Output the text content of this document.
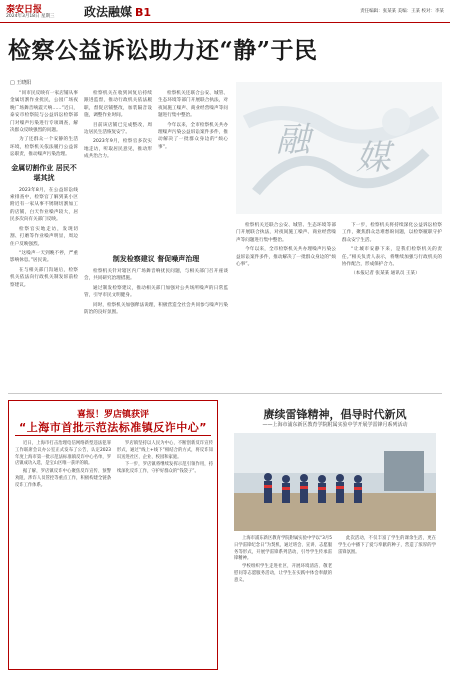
泰安日报
2024年3月18日 星期三 政法融媒 B1	责任编辑：张某某 美编：王某 校对：李某
检察公益诉讼助力还“静”于民
□ 王晓阳

“同市民反映有一家店铺从事金属切割作业扰民，公园广场夜晚广场舞音响震天响……”近日，泰安市检察院与公益诉讼检察部门对噪声污染进行专项调查，解决群众反映强烈的问题。

为了还群众一个安静的生活环境，检察机关依法履行公益诉讼职责，推动噪声污染治理。

金属切割作业 居民不堪其扰

2023年8月，在公益诉讼线索排查中，检察官了解到某小区附近有一家从事不锈钢切割加工的店铺，白天作业噪声较大，居民多次向有关部门反映。

检察官实地走访，发现切割、打磨等作业噪声明显，周边住户反映强烈。

“这噪声一天到晚不停，严重影响休息。”居民说。

在与相关部门沟通后，检察机关依法向行政机关制发诉前检察建议。

检察机关在收到回复后持续跟进监督，推动行政机关依法履职，督促店铺整改，加装隔音设施，调整作业时间。

目前该店铺已完成整改，周边居民生活恢复安宁。

2023年9月，检察官多次实地走访，听取居民意见，推动形成共治合力。

检察机关还联合公安、城管、生态环境等部门开展联合执法，对夜间施工噪声、商业经营噪声等问题进行集中整治。

今年以来，全市检察机关共办理噪声污染公益诉讼案件多件，推动解决了一批群众身边的“烦心事”。

制发检察建议 督促噪声治理

检察机关针对辖区内广场舞音响扰民问题，与相关部门召开座谈会，共同研究治理措施。

通过制发检察建议，推动相关部门加强对公共场所噪声的日常监管，引导市民文明健身。

同时，检察机关加强释法说理，积极营造全社会共同参与噪声污染防治的良好氛围。

融 媒

检察机关还联合公安、城管、生态环境等部门开展联合执法，对夜间施工噪声、商业经营噪声等问题进行集中整治。

今年以来，全市检察机关共办理噪声污染公益诉讼案件多件，推动解决了一批群众身边的“烦心事”。

下一步，检察机关将持续深化公益诉讼检察工作，聚焦群众急难愁盼问题，以检察履职守护群众安宁生活。

“让城市安静下来，是我们检察机关的责任。”相关负责人表示，将继续加强与行政机关的协作配合，形成保护合力。

（本报记者 张某某 通讯员 王某）

喜报！罗店镇获评
“上海市首批示范法标准镇反诈中心”

近日，上海市打击治理电信网络新型违法犯罪工作联席会议办公室正式发布了公告，认定2023年度上海市第一批示范法标准镇反诈中心名单，罗店镇成功入选，是宝山区唯一获评的镇。

据了解，罗店镇反诈中心聚焦反诈宣传、预警劝阻、涉诈人员管控等重点工作，积极构建全链条反诈工作体系。

罗店镇坚持以人民为中心，不断创新反诈宣传形式，通过“线上+线下”相结合的方式，将反诈知识送进社区、企业、校园和家庭。

下一步，罗店镇将继续发挥示范引领作用，持续深化反诈工作，守护好群众的“钱袋子”。

赓续雷锋精神，倡导时代新风
——上海市浦东新区教育学院附属实验中学开展学雷锋月系列活动

上海市浦东新区教育学院附属实验中学以“3月5日学雷锋纪念日”为契机，通过班会、宣讲、志愿服务等形式，开展学雷锋系列活动，引导学生传承雷锋精神。

学校组织学生走进社区，开展环境清洁、敬老慰问等志愿服务活动，让学生在实践中体会奉献的意义。

此次活动，不仅丰富了学生的课余生活，更在学生心中播下了爱与奉献的种子，营造了浓厚的学雷锋氛围。
